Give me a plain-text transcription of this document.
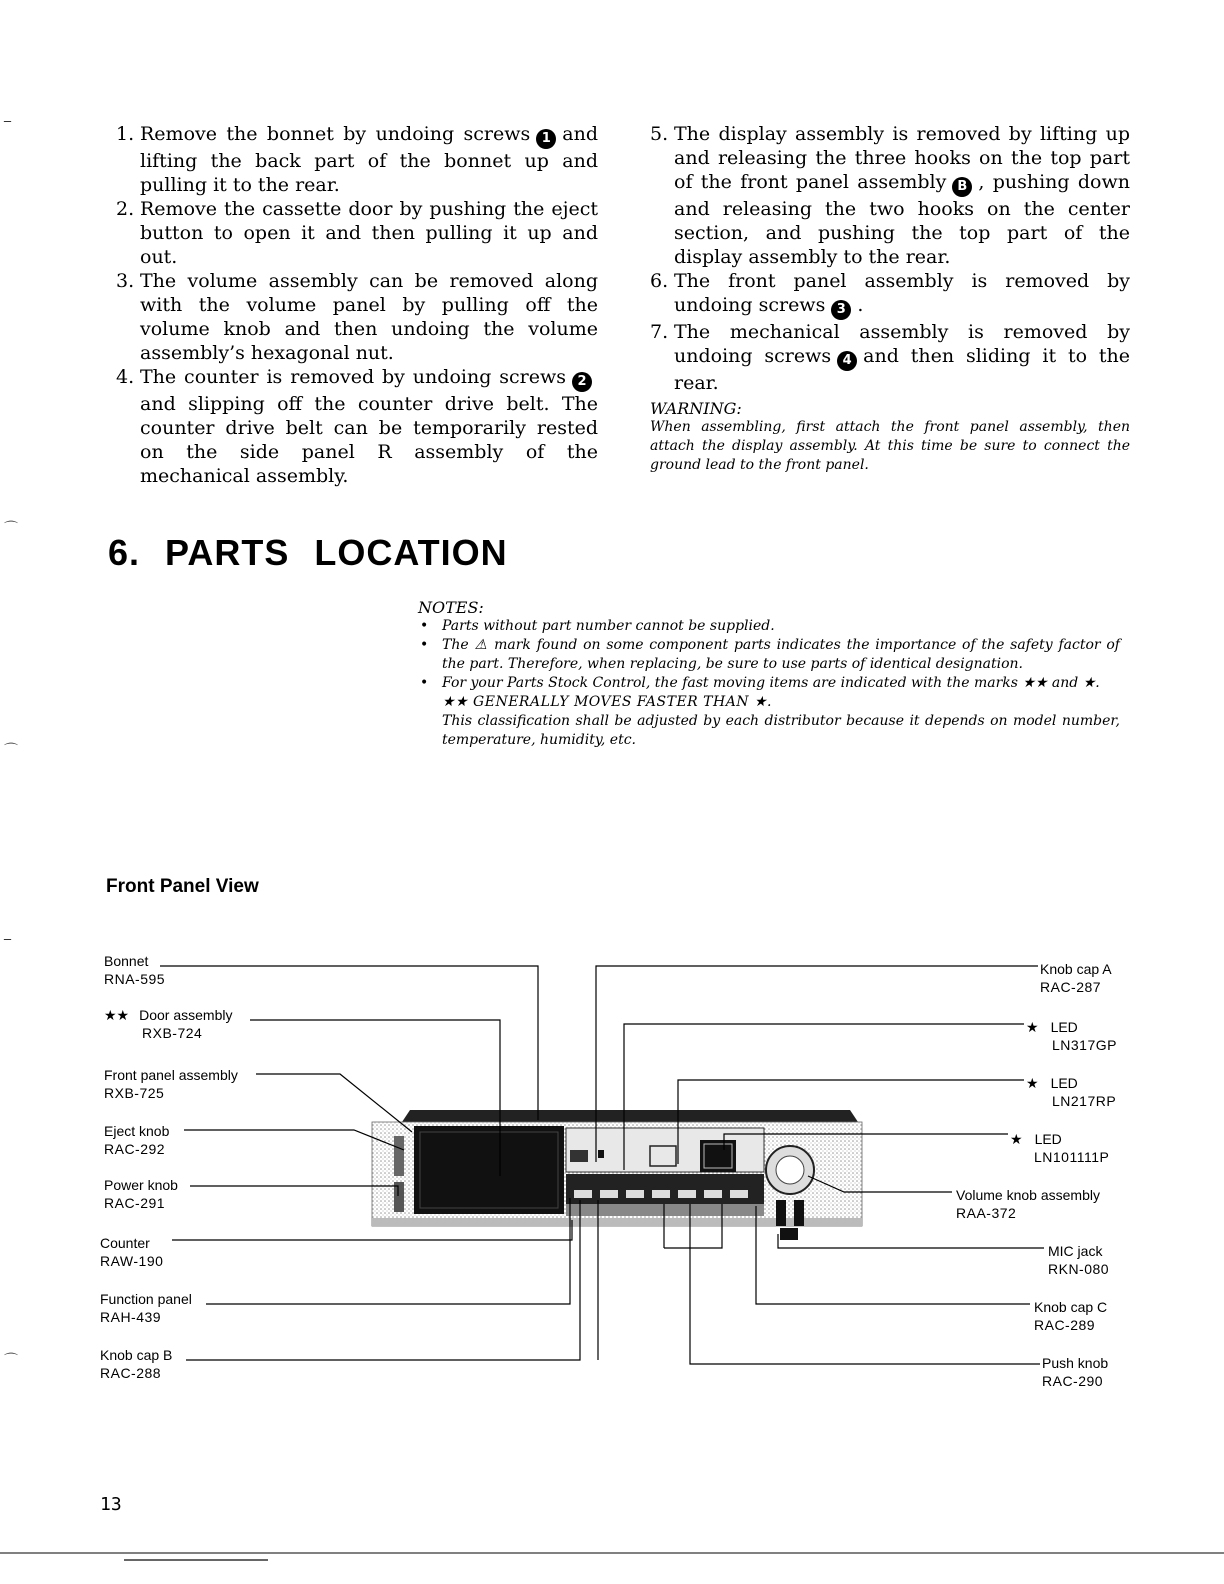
1. Remove the bonnet by undoing screws 1 and lifting the back part of the bonnet up and pulling it to the rear.
2. Remove the cassette door by pushing the eject button to open it and then pulling it up and out.
3. The volume assembly can be removed along with the volume panel by pulling off the volume knob and then undoing the volume assembly’s hexagonal nut.
4. The counter is removed by undoing screws 2and slipping off the counter drive belt. The counter drive belt can be temporarily rested on the side panel R assembly of the mechanical assembly.
5. The display assembly is removed by lifting up and releasing the three hooks on the top part of the front panel assembly B , pushing down and releasing the two hooks on the center section, and pushing the top part of the display assembly to the rear.
6. The front panel assembly is removed by undoing screws 3 .
7. The mechanical assembly is removed by undoing screws 4 and then sliding it to the rear.
WARNING:
When assembling, first attach the front panel assembly, then attach the display assembly. At this time be sure to connect the ground lead to the front panel.
6. PARTS LOCATION
NOTES:
• Parts without part number cannot be supplied.
• The ⚠ mark found on some component parts indicates the importance of the safety factor of the part. Therefore, when replacing, be sure to use parts of identical designation.
• For your Parts Stock Control, the fast moving items are indicated with the marks ★★ and ★.
★★ GENERALLY MOVES FASTER THAN ★.
This classification shall be adjusted by each distributor because it depends on model number, temperature, humidity, etc.
Front Panel View
Bonnet
RNA-595
★★ Door assembly
RXB-724
Front panel assembly
RXB-725
Eject knob
RAC-292
Power knob
RAC-291
Counter
RAW-190
Function panel
RAH-439
Knob cap B
RAC-288
Knob cap A
RAC-287
★ LED
LN317GP
★ LED
LN217RP
★ LED
LN101111P
Volume knob assembly
RAA-372
MIC jack
RKN-080
Knob cap C
RAC-289
Push knob
RAC-290
13
‾
⌒
⌒
‾
⌒
